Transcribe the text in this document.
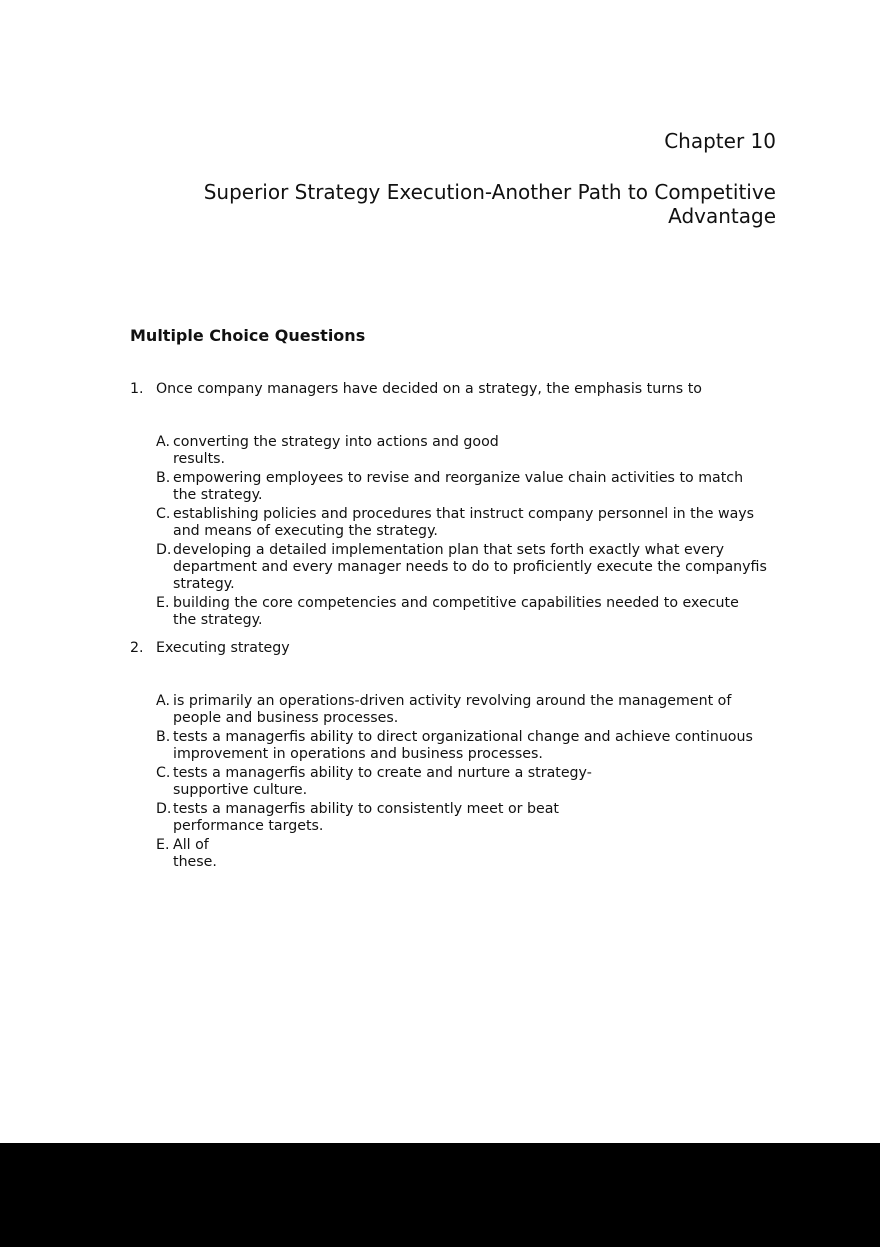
Chapter 10
Superior Strategy Execution-Another Path to Competitive
Advantage
Multiple Choice Questions
1. Once company managers have decided on a strategy, the emphasis turns to
A. converting the strategy into actions and good
results.
B. empowering employees to revise and reorganize value chain activities to match
the strategy.
C. establishing policies and procedures that instruct company personnel in the ways
and means of executing the strategy.
D. developing a detailed implementation plan that sets forth exactly what every
department and every manager needs to do to proficiently execute the companyfis
strategy.
E. building the core competencies and competitive capabilities needed to execute
the strategy.
2. Executing strategy
A. is primarily an operations-driven activity revolving around the management of
people and business processes.
B. tests a managerfis ability to direct organizational change and achieve continuous
improvement in operations and business processes.
C. tests a managerfis ability to create and nurture a strategy-
supportive culture.
D. tests a managerfis ability to consistently meet or beat
performance targets.
E. All of
these.
